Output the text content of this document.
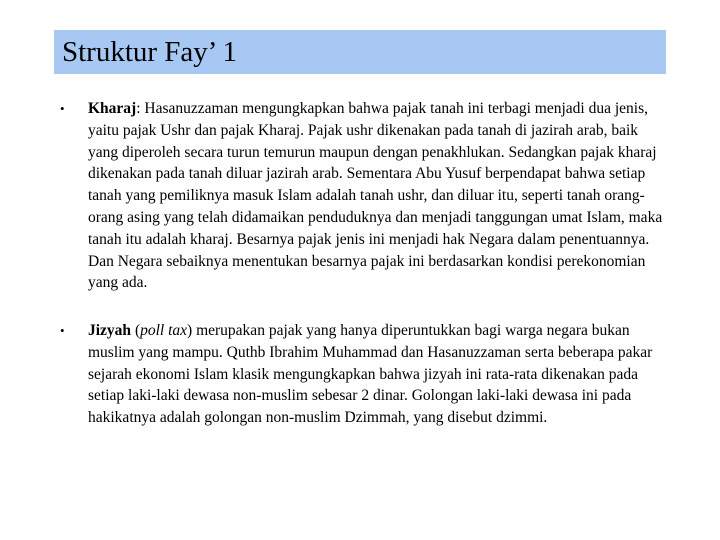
Struktur Fay’ 1
• Kharaj: Hasanuzzaman mengungkapkan bahwa pajak tanah ini terbagi menjadi dua jenis, yaitu pajak Ushr dan pajak Kharaj. Pajak ushr dikenakan pada tanah di jazirah arab, baik yang diperoleh secara turun temurun maupun dengan penakhlukan. Sedangkan pajak kharaj dikenakan pada tanah diluar jazirah arab. Sementara Abu Yusuf berpendapat bahwa setiap tanah yang pemiliknya masuk Islam adalah tanah ushr, dan diluar itu, seperti tanah orang-orang asing yang telah didamaikan penduduknya dan menjadi tanggungan umat Islam, maka tanah itu adalah kharaj. Besarnya pajak jenis ini menjadi hak Negara dalam penentuannya. Dan Negara sebaiknya menentukan besarnya pajak ini berdasarkan kondisi perekonomian yang ada.
• Jizyah (poll tax) merupakan pajak yang hanya diperuntukkan bagi warga negara bukan muslim yang mampu. Quthb Ibrahim Muhammad dan Hasanuzzaman serta beberapa pakar sejarah ekonomi Islam klasik mengungkapkan bahwa jizyah ini rata-rata dikenakan pada setiap laki-laki dewasa non-muslim sebesar 2 dinar. Golongan laki-laki dewasa ini pada hakikatnya adalah golongan non-muslim Dzimmah, yang disebut dzimmi.
